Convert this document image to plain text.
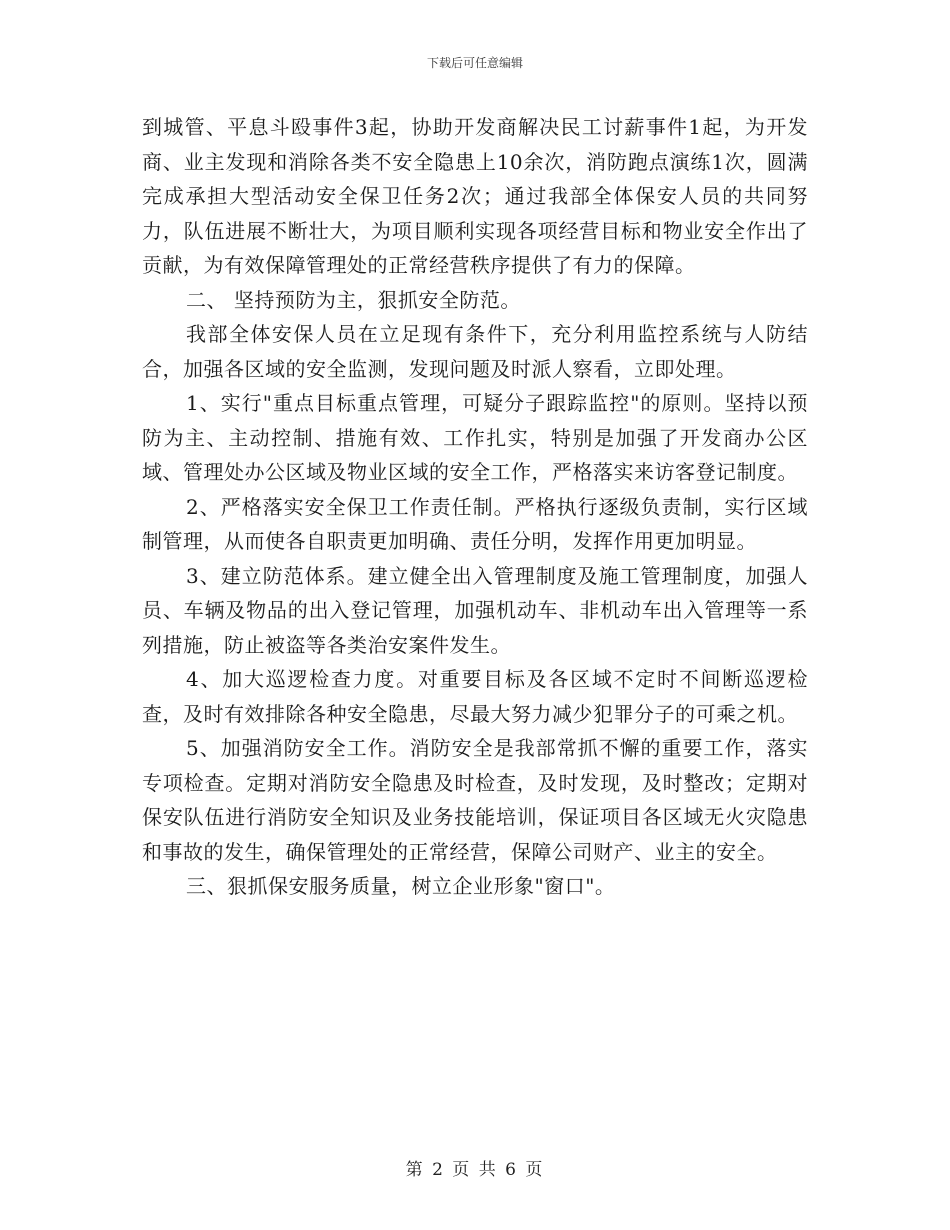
下载后可任意编辑

到城管、平息斗殴事件3起，协助开发商解决民工讨薪事件1起，为开发商、业主发现和消除各类不安全隐患上10余次，消防跑点演练1次，圆满完成承担大型活动安全保卫任务2次；通过我部全体保安人员的共同努力，队伍进展不断壮大，为项目顺利实现各项经营目标和物业安全作出了贡献，为有效保障管理处的正常经营秩序提供了有力的保障。

二、 坚持预防为主，狠抓安全防范。

我部全体安保人员在立足现有条件下，充分利用监控系统与人防结合，加强各区域的安全监测，发现问题及时派人察看，立即处理。

1、实行"重点目标重点管理，可疑分子跟踪监控"的原则。坚持以预防为主、主动控制、措施有效、工作扎实，特别是加强了开发商办公区域、管理处办公区域及物业区域的安全工作，严格落实来访客登记制度。

2、严格落实安全保卫工作责任制。严格执行逐级负责制，实行区域制管理，从而使各自职责更加明确、责任分明，发挥作用更加明显。

3、建立防范体系。建立健全出入管理制度及施工管理制度，加强人员、车辆及物品的出入登记管理，加强机动车、非机动车出入管理等一系列措施，防止被盗等各类治安案件发生。

4、加大巡逻检查力度。对重要目标及各区域不定时不间断巡逻检查，及时有效排除各种安全隐患，尽最大努力减少犯罪分子的可乘之机。

5、加强消防安全工作。消防安全是我部常抓不懈的重要工作，落实专项检查。定期对消防安全隐患及时检查，及时发现，及时整改；定期对保安队伍进行消防安全知识及业务技能培训，保证项目各区域无火灾隐患和事故的发生，确保管理处的正常经营，保障公司财产、业主的安全。

三、狠抓保安服务质量，树立企业形象"窗口"。

第 2 页 共 6 页
